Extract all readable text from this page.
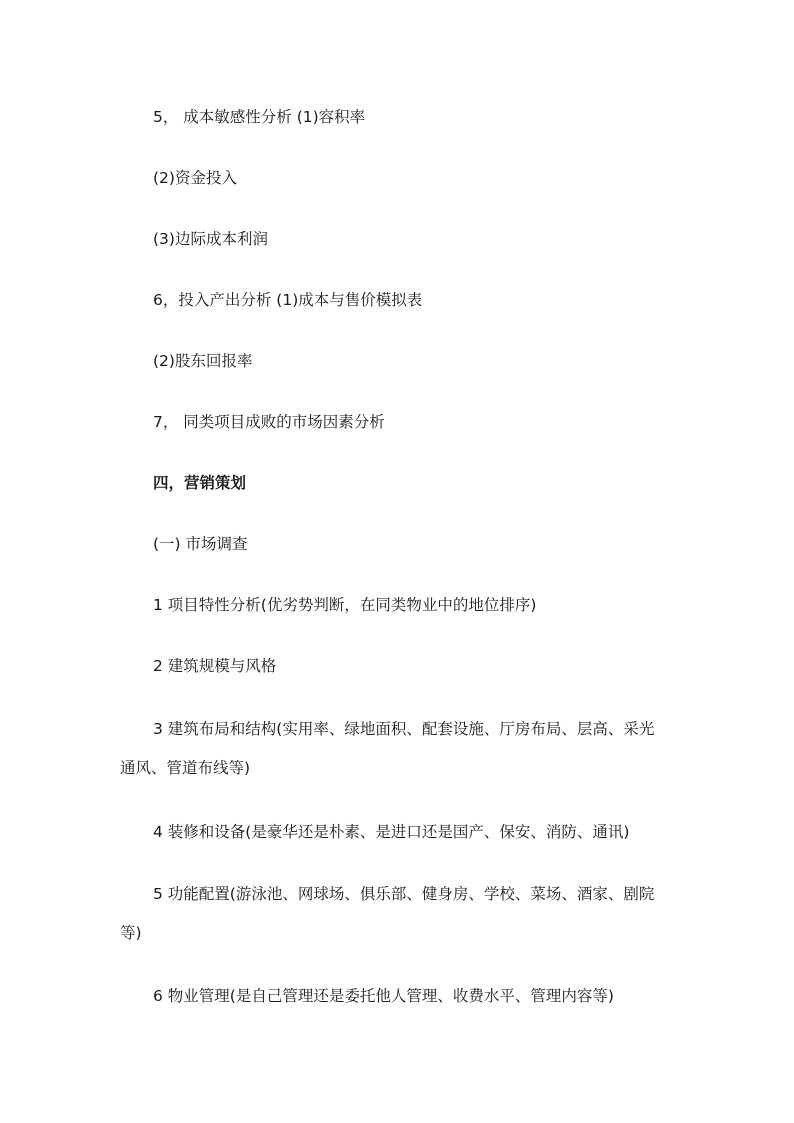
5， 成本敏感性分析 (1)容积率
(2)资金投入
(3)边际成本利润
6，投入产出分析 (1)成本与售价模拟表
(2)股东回报率
7， 同类项目成败的市场因素分析
四，营销策划
(一) 市场调查
1 项目特性分析(优劣势判断，在同类物业中的地位排序)
2 建筑规模与风格
3 建筑布局和结构(实用率、绿地面积、配套设施、厅房布局、层高、采光
通风、管道布线等)
4 装修和设备(是豪华还是朴素、是进口还是国产、保安、消防、通讯)
5 功能配置(游泳池、网球场、俱乐部、健身房、学校、菜场、酒家、剧院
等)
6 物业管理(是自己管理还是委托他人管理、收费水平、管理内容等)
